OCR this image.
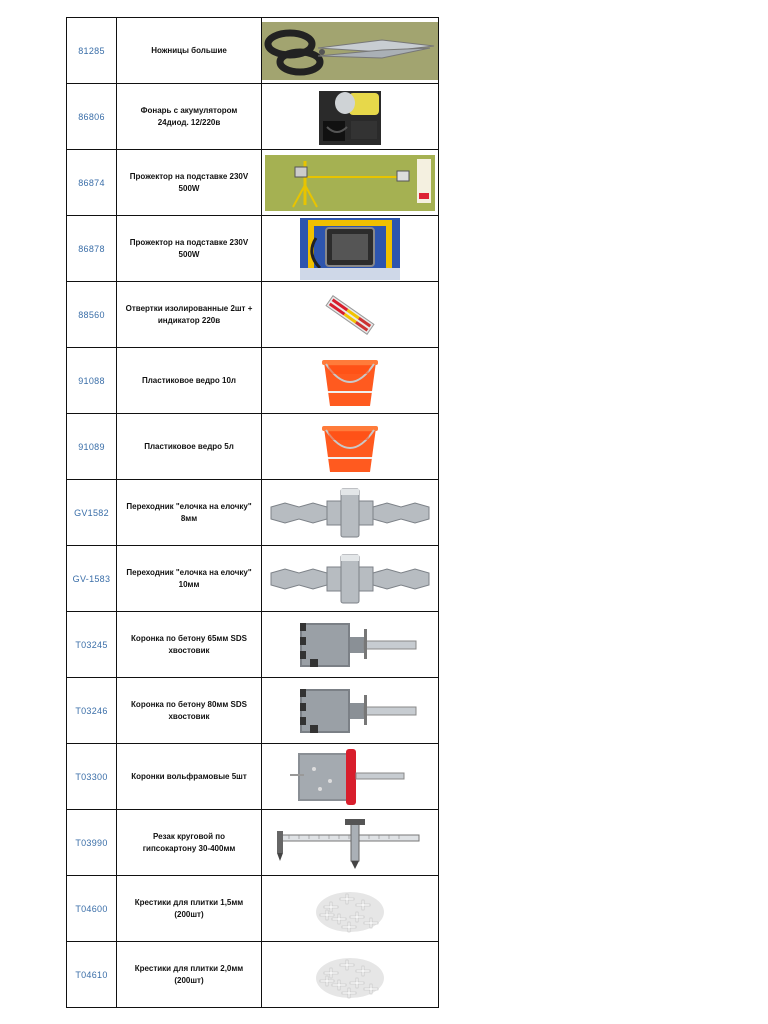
81285	Ножницы большие	

86806	Фонарь с акумулятором
24диод. 12/220в	

86874	Прожектор на подставке 230V
500W	

86878	Прожектор на подставке 230V
500W	

88560	Отвертки изолированные 2шт +
индикатор 220в	

91088	Пластиковое ведро 10л	

91089	Пластиковое ведро 5л	

GV1582	Переходник "елочка на елочку"
8мм	

GV-1583	Переходник "елочка на елочку"
10мм	

T03245	Коронка по бетону 65мм SDS
хвостовик	

T03246	Коронка по бетону 80мм SDS
хвостовик	

T03300	Коронки вольфрамовые 5шт	

T03990	Резак круговой по
гипсокартону 30-400мм	

T04600	Крестики для плитки 1,5мм
(200шт)	

T04610	Крестики для плитки 2,0мм
(200шт)	
